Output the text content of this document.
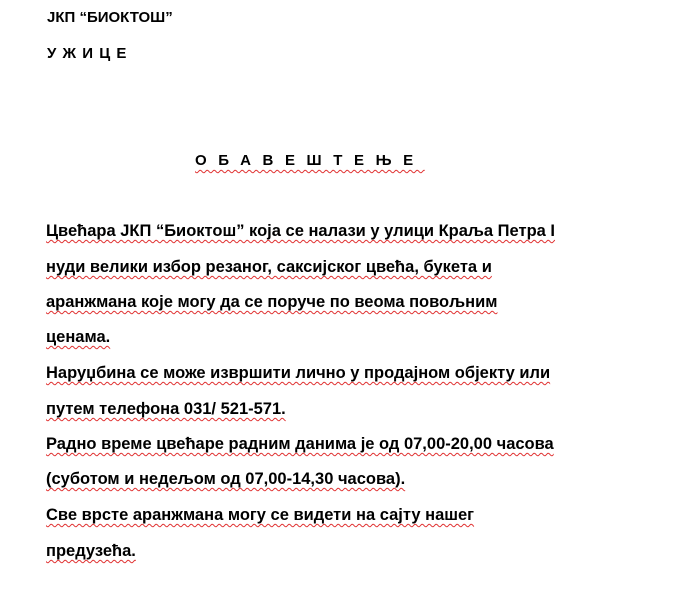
ЈКП “БИОКТОШ”
УЖИЦЕ
ОБАВЕШТЕЊЕ
Цвећара ЈКП “Биоктош” која се налази у улици Краља Петра I
нуди велики избор резаног, саксијског цвећа, букета и
аранжмана које могу да се поруче по веома повољним
ценама.
Наруџбина се може извршити лично у продајном објекту или
путем телефона 031/ 521-571.
Радно време цвећаре радним данима је од 07,00-20,00 часова
(суботом и недељом од 07,00-14,30 часова).
Све врсте аранжмана могу се видети на сајту нашег
предузећа.
